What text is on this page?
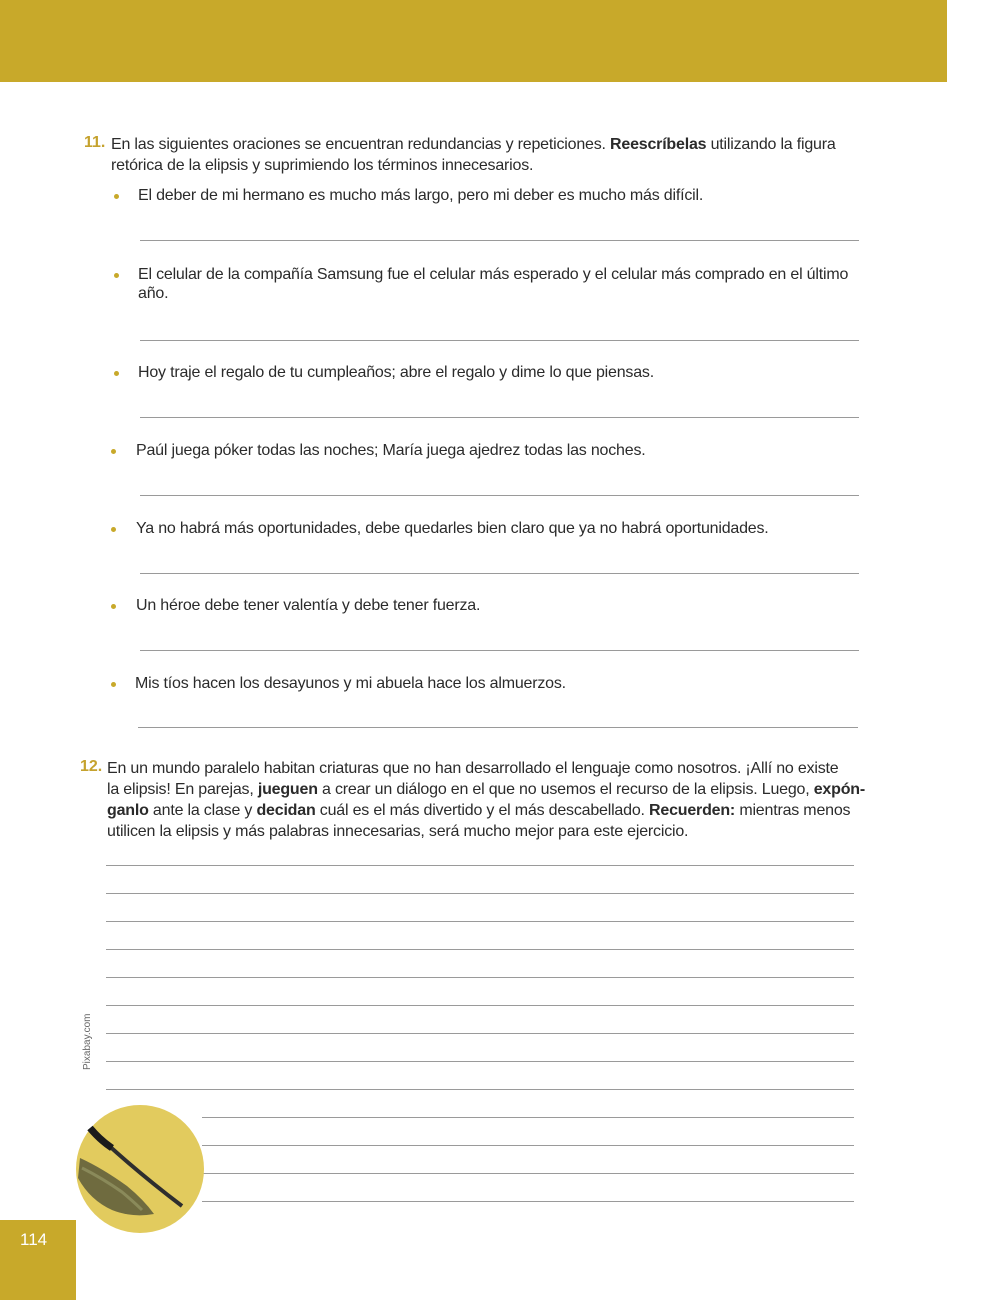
11. En las siguientes oraciones se encuentran redundancias y repeticiones. Reescríbelas utilizando la figura
retórica de la elipsis y suprimiendo los términos innecesarios.
El deber de mi hermano es mucho más largo, pero mi deber es mucho más difícil.
El celular de la compañía Samsung fue el celular más esperado y el celular más comprado en el último
año.
Hoy traje el regalo de tu cumpleaños; abre el regalo y dime lo que piensas.
Paúl juega póker todas las noches; María juega ajedrez todas las noches.
Ya no habrá más oportunidades, debe quedarles bien claro que ya no habrá oportunidades.
Un héroe debe tener valentía y debe tener fuerza.
Mis tíos hacen los desayunos y mi abuela hace los almuerzos.
12. En un mundo paralelo habitan criaturas que no han desarrollado el lenguaje como nosotros. ¡Allí no existe
la elipsis! En parejas, jueguen a crear un diálogo en el que no usemos el recurso de la elipsis. Luego, expón-
ganlo ante la clase y decidan cuál es el más divertido y el más descabellado. Recuerden: mientras menos
utilicen la elipsis y más palabras innecesarias, será mucho mejor para este ejercicio.
Pixabay.com
114
